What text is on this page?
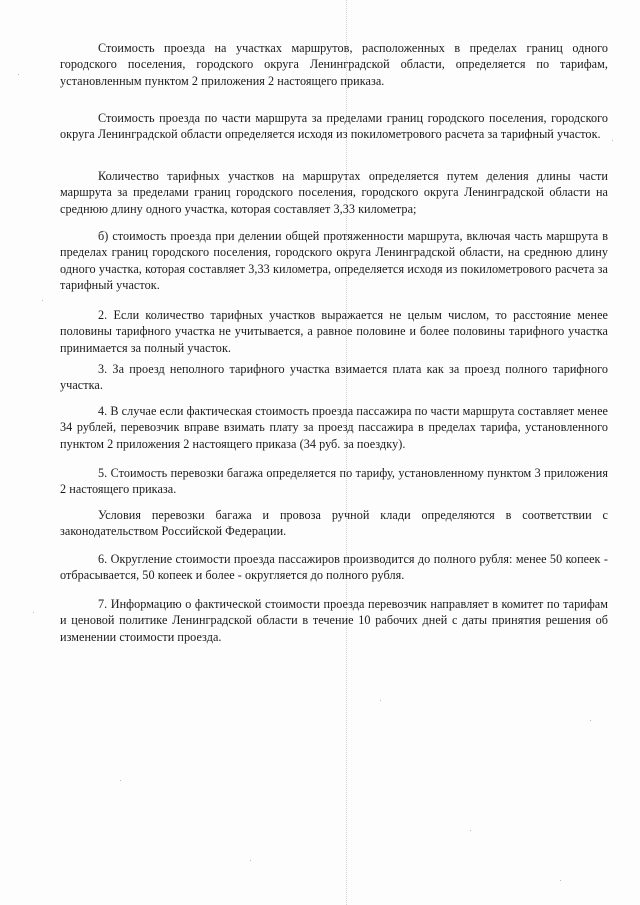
Стоимость проезда на участках маршрутов, расположенных в пределах границ одного городского поселения, городского округа Ленинградской области, определяется по тарифам, установленным пунктом 2 приложения 2 настоящего приказа.

Стоимость проезда по части маршрута за пределами границ городского поселения, городского округа Ленинградской области определяется исходя из покилометрового расчета за тарифный участок.

Количество тарифных участков на маршрутах определяется путем деления длины части маршрута за пределами границ городского поселения, городского округа Ленинградской области на среднюю длину одного участка, которая составляет 3,33 километра;

б) стоимость проезда при делении общей протяженности маршрута, включая часть маршрута в пределах границ городского поселения, городского округа Ленинградской области, на среднюю длину одного участка, которая составляет 3,33 километра, определяется исходя из покилометрового расчета за тарифный участок.

2. Если количество тарифных участков выражается не целым числом, то расстояние менее половины тарифного участка не учитывается, а равное половине и более половины тарифного участка принимается за полный участок.

3. За проезд неполного тарифного участка взимается плата как за проезд полного тарифного участка.

4. В случае если фактическая стоимость проезда пассажира по части маршрута составляет менее 34 рублей, перевозчик вправе взимать плату за проезд пассажира в пределах тарифа, установленного пунктом 2 приложения 2 настоящего приказа (34 руб. за поездку).

5. Стоимость перевозки багажа определяется по тарифу, установленному пунктом 3 приложения 2 настоящего приказа.

Условия перевозки багажа и провоза ручной клади определяются в соответствии с законодательством Российской Федерации.

6. Округление стоимости проезда пассажиров производится до полного рубля: менее 50 копеек - отбрасывается, 50 копеек и более - округляется до полного рубля.

7. Информацию о фактической стоимости проезда перевозчик направляет в комитет по тарифам и ценовой политике Ленинградской области в течение 10 рабочих дней с даты принятия решения об изменении стоимости проезда.
